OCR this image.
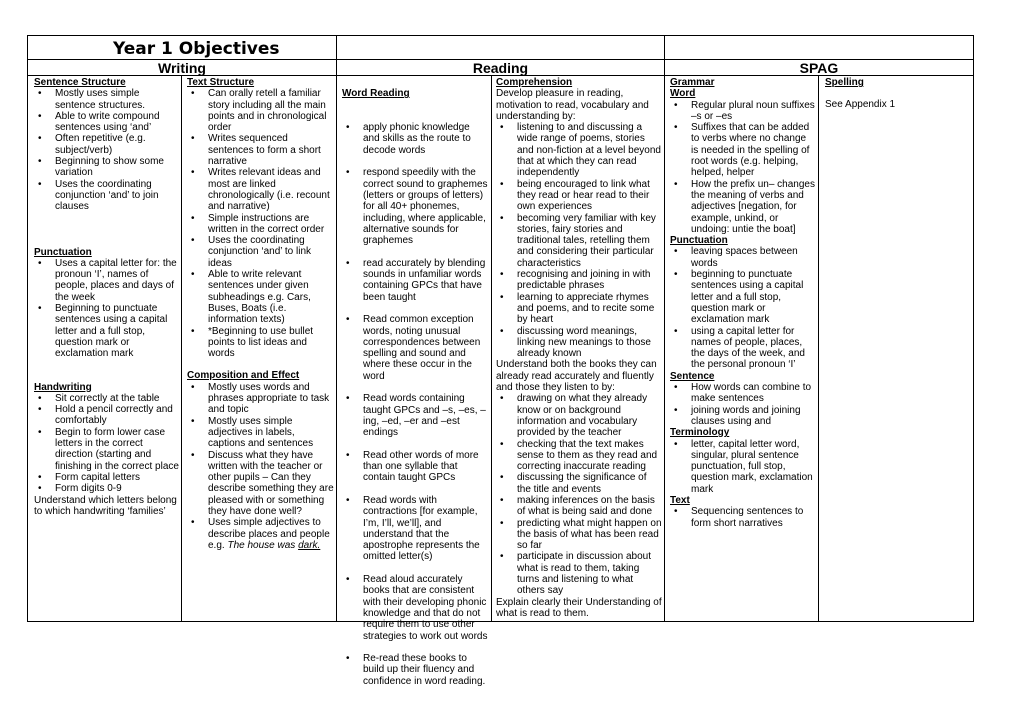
Year 1 Objectives
Writing	Reading	SPAG
Sentence Structure
• Mostly uses simple sentence structures.
• Able to write compound sentences using ‘and’
• Often repetitive (e.g. subject/verb)
• Beginning to show some variation
• Uses the coordinating conjunction ‘and’ to join clauses
Punctuation
• Uses a capital letter for: the pronoun ‘I’, names of people, places and days of the week
• Beginning to punctuate sentences using a capital letter and a full stop, question mark or exclamation mark
Handwriting
• Sit correctly at the table
• Hold a pencil correctly and comfortably
• Begin to form lower case letters in the correct direction (starting and finishing in the correct place
• Form capital letters
• Form digits 0-9
Understand which letters belong to which handwriting ‘families’
Text Structure
• Can orally retell a familiar story including all the main points and in chronological order
• Writes sequenced sentences to form a short narrative
• Writes relevant ideas and most are linked chronologically (i.e. recount and narrative)
• Simple instructions are written in the correct order
• Uses the coordinating conjunction ‘and’ to link ideas
• Able to write relevant sentences under given subheadings e.g. Cars, Buses, Boats (i.e. information texts)
• *Beginning to use bullet points to list ideas and words
Composition and Effect
• Mostly uses words and phrases appropriate to task and topic
• Mostly uses simple adjectives in labels, captions and sentences
• Discuss what they have written with the teacher or other pupils – Can they describe something they are pleased with or something they have done well?
• Uses simple adjectives to describe places and people e.g. The house was dark.

Word Reading

• apply phonic knowledge and skills as the route to decode words

• respond speedily with the correct sound to graphemes (letters or groups of letters)
for all 40+ phonemes, including, where applicable, alternative sounds for graphemes

• read accurately by blending sounds in unfamiliar words containing GPCs that have been taught

• Read common exception words, noting unusual correspondences between spelling and sound and where these occur in the word

• Read words containing taught GPCs and –s, –es, –ing, –ed, –er and –est endings

• Read other words of more than one syllable that contain taught GPCs

• Read words with contractions [for example, I’m, I’ll, we’ll], and understand that the apostrophe represents the omitted letter(s)

• Read aloud accurately books that are consistent with their developing phonic
knowledge and that do not require them to use other strategies to work out words

• Re-read these books to build up their fluency and confidence in word reading.

Comprehension
Develop pleasure in reading, motivation to read, vocabulary and understanding by:
• listening to and discussing a wide range of poems, stories and non-fiction at a level beyond that at which they can read independently
• being encouraged to link what they read or hear read to their own experiences
• becoming very familiar with key stories, fairy stories and traditional tales, retelling them and considering their particular characteristics
• recognising and joining in with predictable phrases
• learning to appreciate rhymes and poems, and to recite some by heart
• discussing word meanings, linking new meanings to those already known
Understand both the books they can already read accurately and fluently and those they listen to by:
• drawing on what they already know or on background information and vocabulary provided by the teacher
• checking that the text makes sense to them as they read and correcting inaccurate reading
• discussing the significance of the title and events
• making inferences on the basis of what is being said and done
• predicting what might happen on the basis of what has been read so far
• participate in discussion about what is read to them, taking turns and listening to what others say
Explain clearly their Understanding of what is read to them.
Grammar
Word
• Regular plural noun suffixes –s or –es
• Suffixes that can be added to verbs where no change is needed in the spelling of root words (e.g. helping, helped, helper
• How the prefix un– changes the meaning of verbs and adjectives [negation, for example, unkind, or undoing: untie the boat]
Punctuation
• leaving spaces between words
• beginning to punctuate sentences using a capital letter and a full stop, question mark or exclamation mark
• using a capital letter for names of people, places, the days of the week, and the personal pronoun ‘I’
Sentence
• How words can combine to make sentences
• joining words and joining clauses using and
Terminology
• letter, capital letter word, singular, plural sentence punctuation, full stop, question mark, exclamation mark
Text
• Sequencing sentences to form short narratives
Spelling
See Appendix 1
